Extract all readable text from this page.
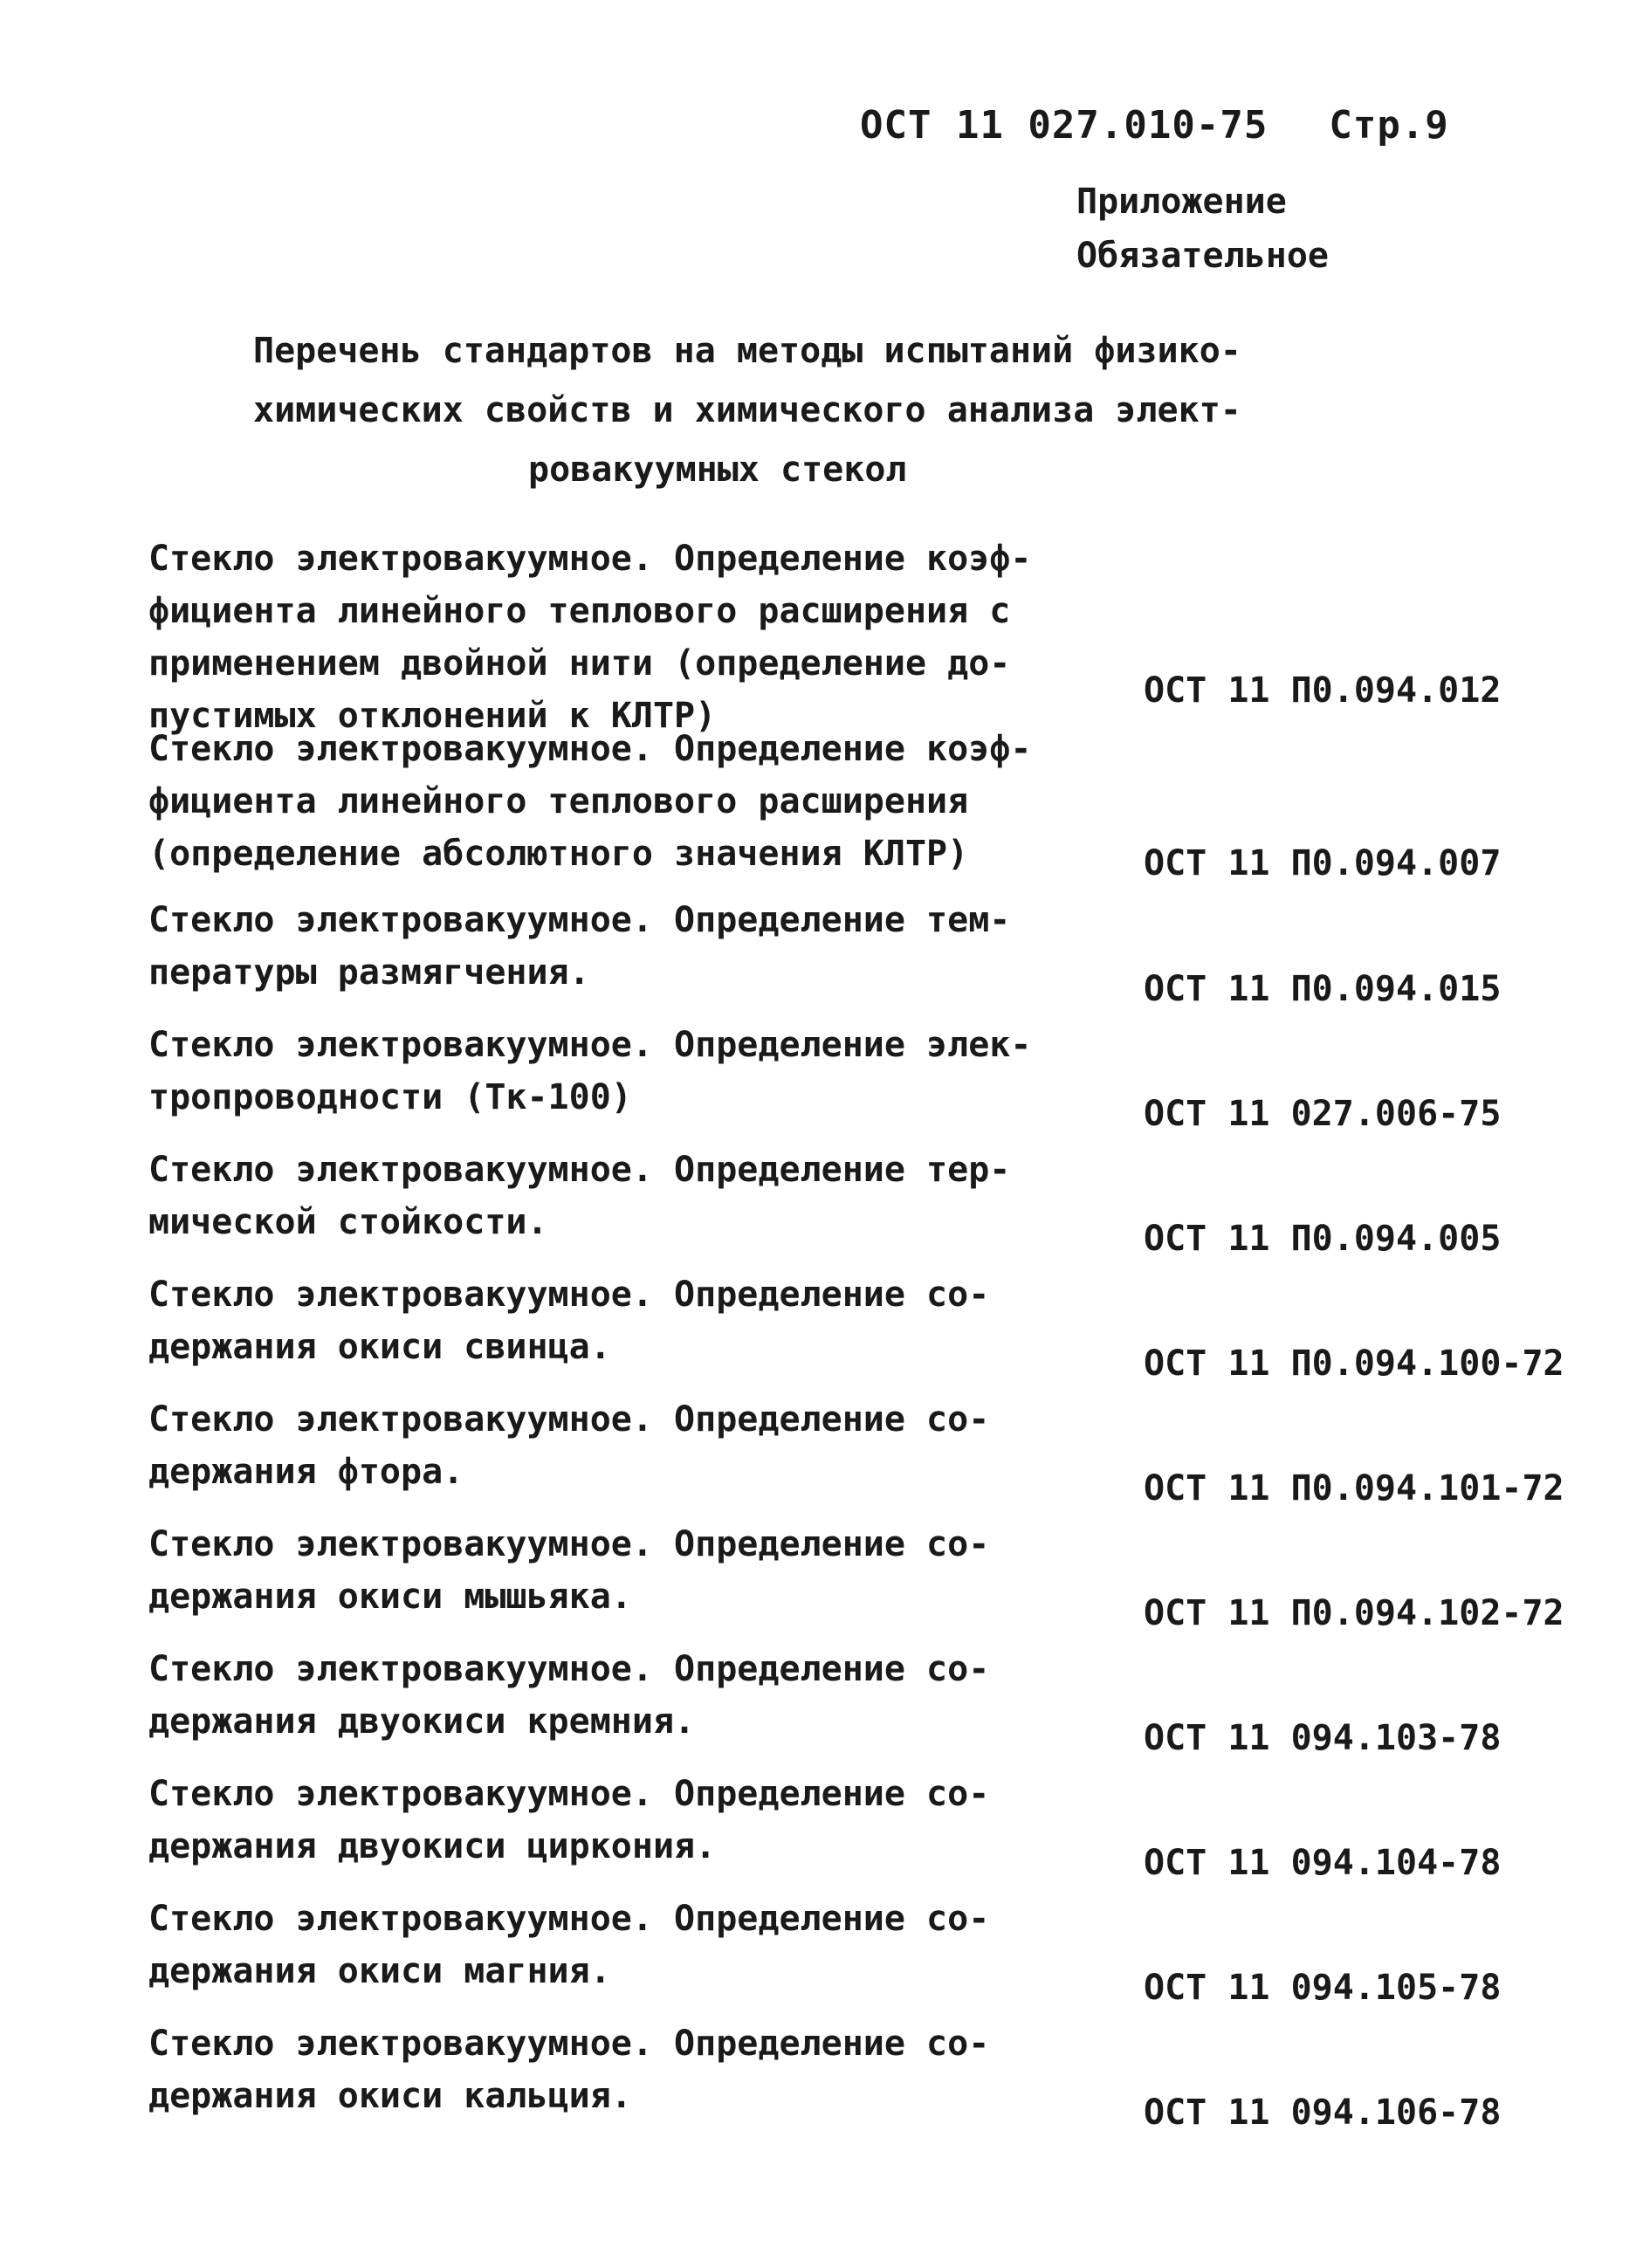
ОСТ 11 027.010-75 Стр.9
Приложение
Обязательное
Перечень стандартов на методы испытаний физико-
химических свойств и химического анализа элект-
ровакуумных стекол
Стекло электровакуумное. Определение коэф-
фициента линейного теплового расширения с
применением двойной нити (определение до-
пустимых отклонений к КЛТР)
ОСТ 11 П0.094.012
Стекло электровакуумное. Определение коэф-
фициента линейного теплового расширения
(определение абсолютного значения КЛТР)	ОСТ 11 П0.094.007
Стекло электровакуумное. Определение тем-
пературы размягчения.	ОСТ 11 П0.094.015
Стекло электровакуумное. Определение элек-
тропроводности (Тк-100)	ОСТ 11 027.006-75
Стекло электровакуумное. Определение тер-
мической стойкости.	ОСТ 11 П0.094.005
Стекло электровакуумное. Определение со-
держания окиси свинца.	ОСТ 11 П0.094.100-72
Стекло электровакуумное. Определение со-
держания фтора.	ОСТ 11 П0.094.101-72
Стекло электровакуумное. Определение со-
держания окиси мышьяка.	ОСТ 11 П0.094.102-72
Стекло электровакуумное. Определение со-
держания двуокиси кремния.	ОСТ 11 094.103-78
Стекло электровакуумное. Определение со-
держания двуокиси циркония.	ОСТ 11 094.104-78
Стекло электровакуумное. Определение со-
держания окиси магния.	ОСТ 11 094.105-78
Стекло электровакуумное. Определение со-
держания окиси кальция.	ОСТ 11 094.106-78
